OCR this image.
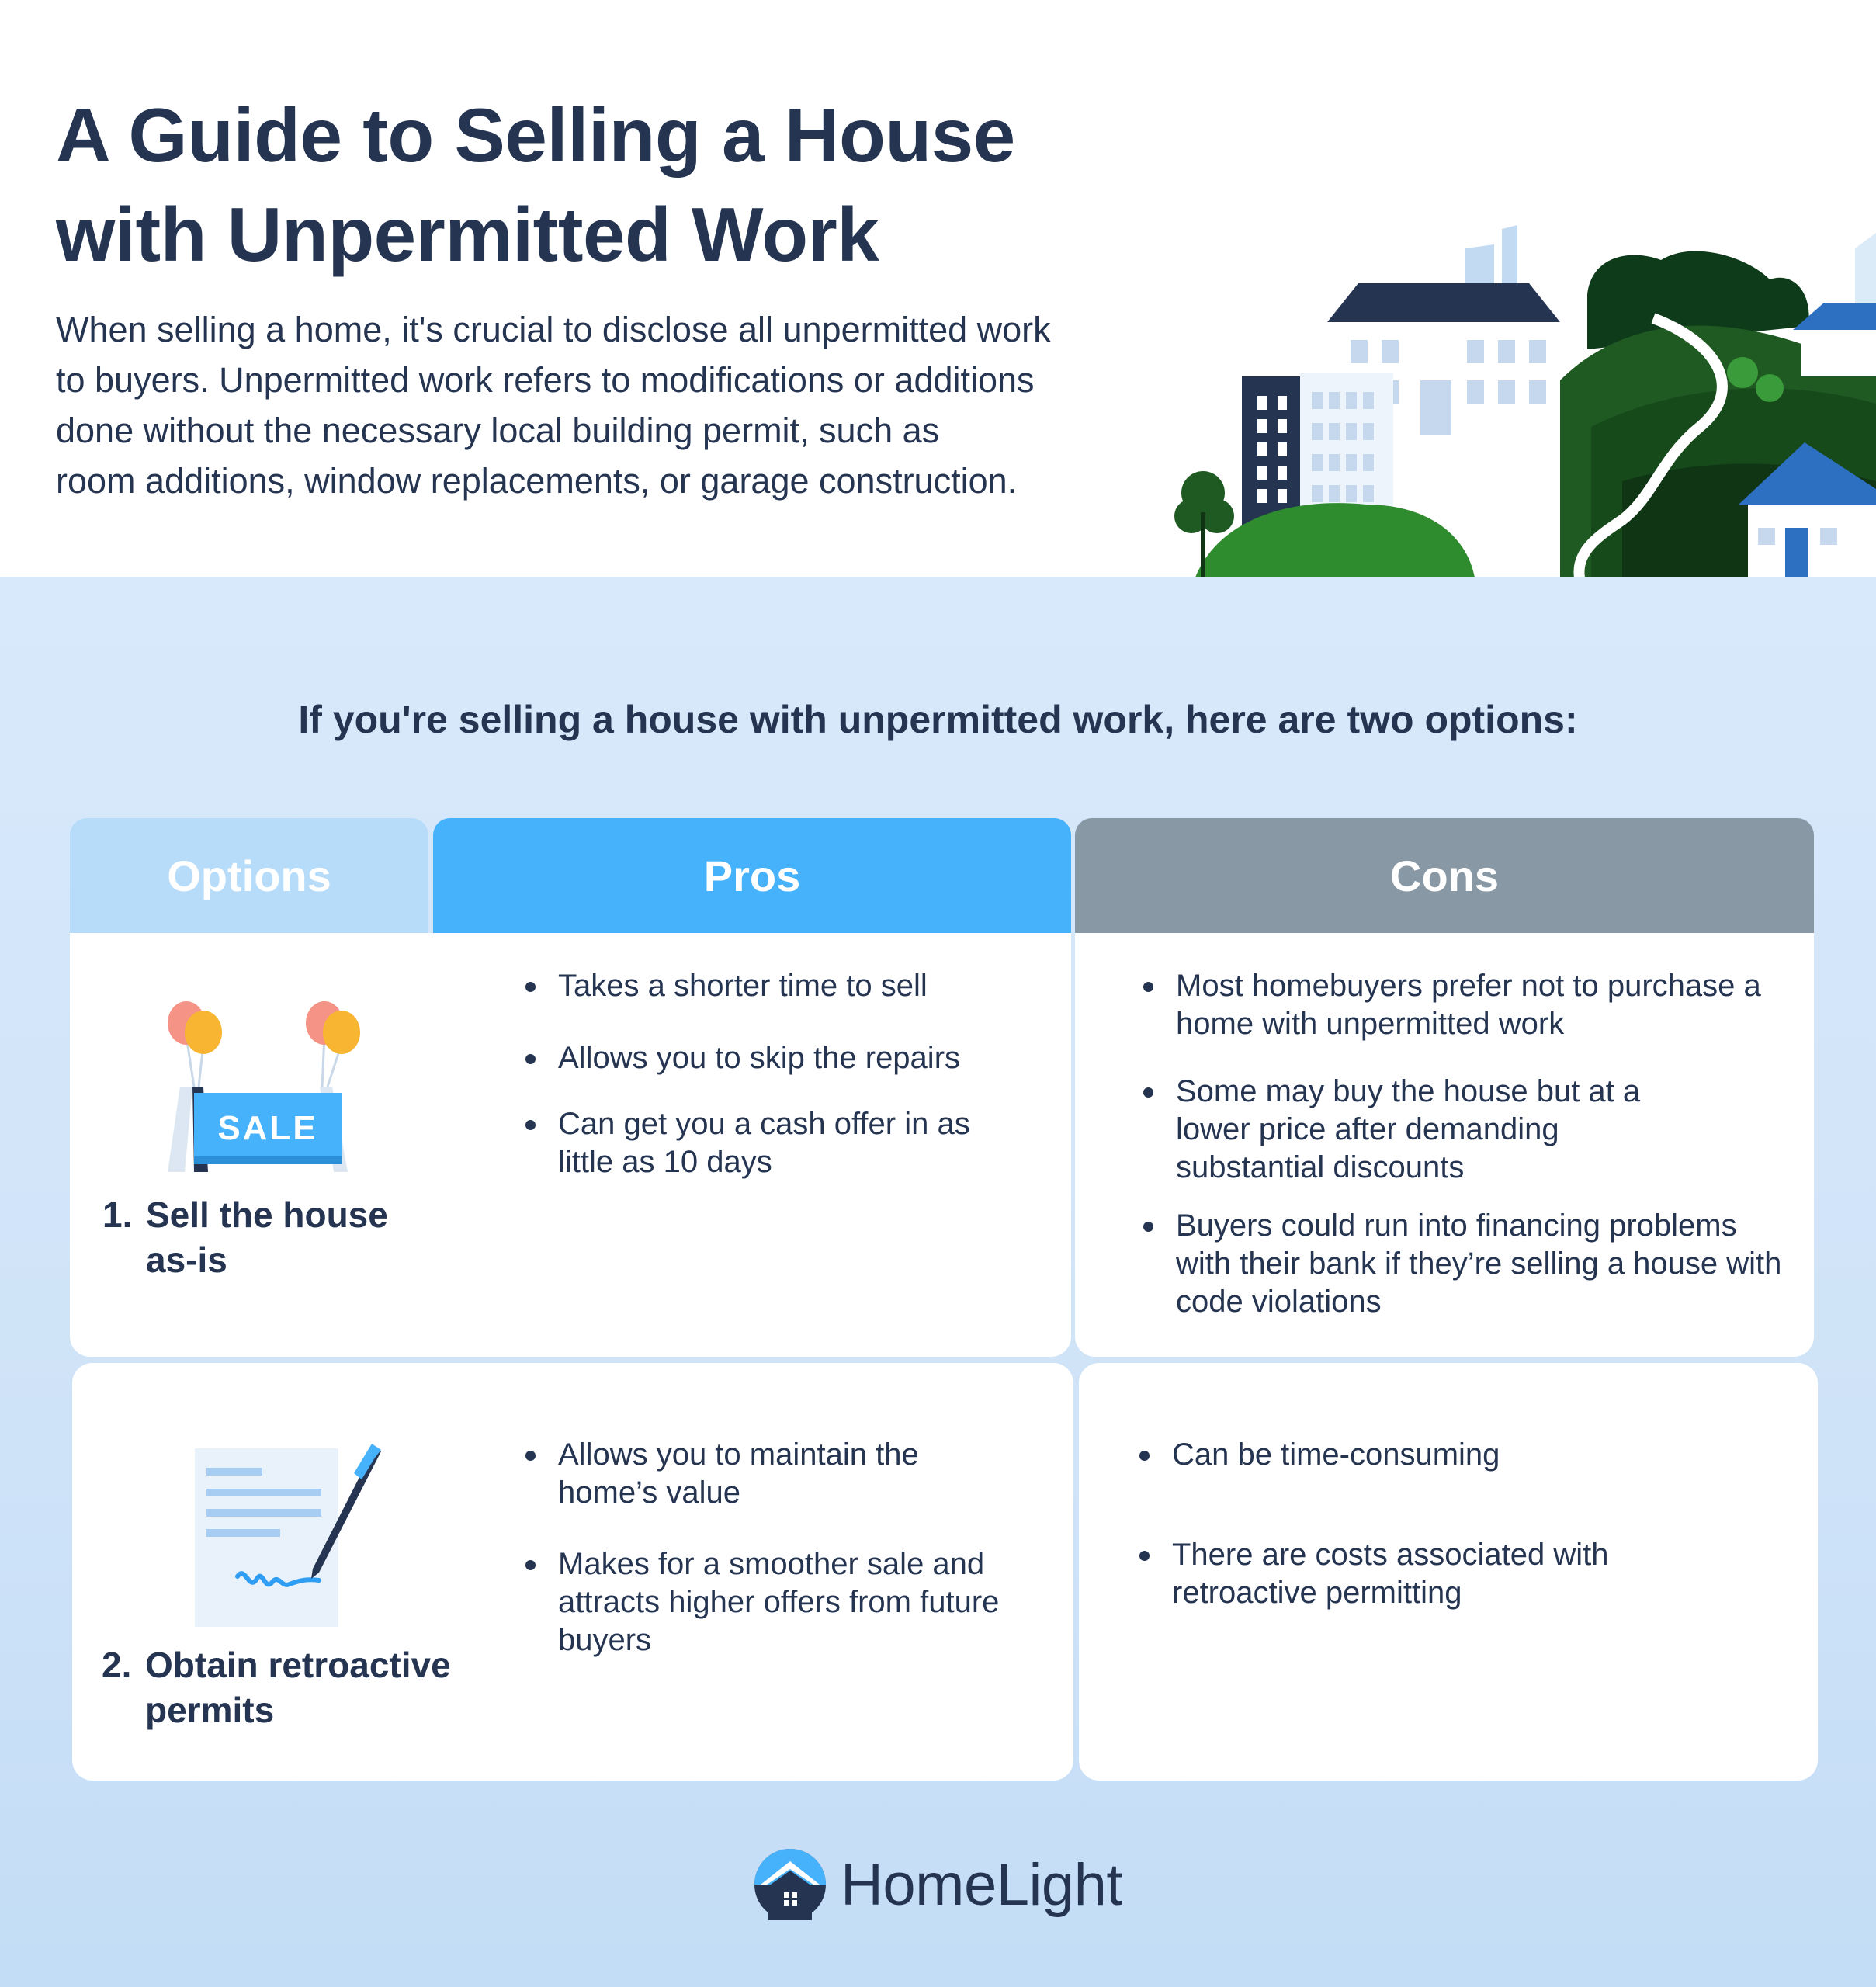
A Guide to Selling a House
with Unpermitted Work

When selling a home, it's crucial to disclose all unpermitted work
to buyers. Unpermitted work refers to modifications or additions
done without the necessary local building permit, such as
room additions, window replacements, or garage construction.

If you're selling a house with unpermitted work, here are two options:
Options	Pros	Cons
SALE
1. Sell the house
as-is
Takes a shorter time to sell
Allows you to skip the repairs
Can get you a cash offer in as little as 10 days
Most homebuyers prefer not to purchase a home with unpermitted work
Some may buy the house but at a lower price after demanding substantial discounts
Buyers could run into financing problems with their bank if they’re selling a house with code violations
2. Obtain retroactive
permits
Allows you to maintain the home’s value
Makes for a smoother sale and attracts higher offers from future buyers
Can be time-consuming
There are costs associated with retroactive permitting
HomeLight
